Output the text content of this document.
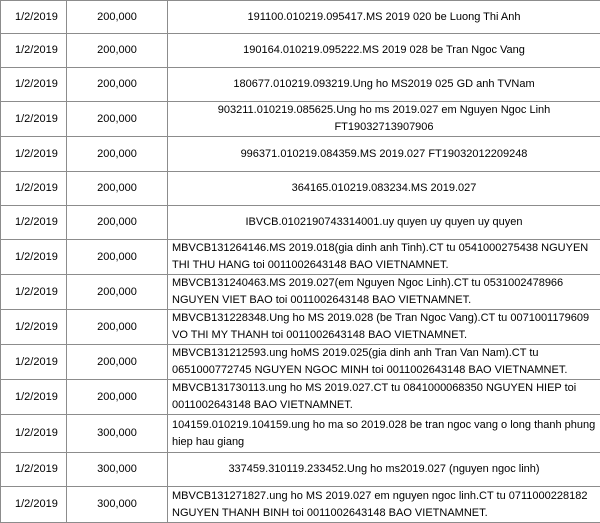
1/2/2019	200,000	191100.010219.095417.MS 2019 020 be Luong Thi Anh
1/2/2019	200,000	190164.010219.095222.MS 2019 028 be Tran Ngoc Vang
1/2/2019	200,000	180677.010219.093219.Ung ho MS2019 025 GD anh TVNam
1/2/2019	200,000	903211.010219.085625.Ung ho ms 2019.027 em Nguyen Ngoc Linh FT19032713907906
1/2/2019	200,000	996371.010219.084359.MS 2019.027 FT19032012209248
1/2/2019	200,000	364165.010219.083234.MS 2019.027
1/2/2019	200,000	IBVCB.0102190743314001.uy quyen uy quyen uy quyen
1/2/2019	200,000	MBVCB131264146.MS 2019.018(gia dinh anh Tinh).CT tu 0541000275438 NGUYEN THI THU HANG toi 0011002643148 BAO VIETNAMNET.
1/2/2019	200,000	MBVCB131240463.MS 2019.027(em Nguyen Ngoc Linh).CT tu 0531002478966 NGUYEN VIET BAO toi 0011002643148 BAO VIETNAMNET.
1/2/2019	200,000	MBVCB131228348.Ung ho MS 2019.028 (be Tran Ngoc Vang).CT tu 0071001179609 VO THI MY THANH toi 0011002643148 BAO VIETNAMNET.
1/2/2019	200,000	MBVCB131212593.ung hoMS 2019.025(gia dinh anh Tran Van Nam).CT tu 0651000772745 NGUYEN NGOC MINH toi 0011002643148 BAO VIETNAMNET.
1/2/2019	200,000	MBVCB131730113.ung ho MS 2019.027.CT tu 0841000068350 NGUYEN HIEP toi 0011002643148 BAO VIETNAMNET.
1/2/2019	300,000	104159.010219.104159.ung ho ma so 2019.028 be tran ngoc vang o long thanh phung hiep hau giang
1/2/2019	300,000	337459.310119.233452.Ung ho ms2019.027 (nguyen ngoc linh)
1/2/2019	300,000	MBVCB131271827.ung ho MS 2019.027 em nguyen ngoc linh.CT tu 0711000228182 NGUYEN THANH BINH toi 0011002643148 BAO VIETNAMNET.
